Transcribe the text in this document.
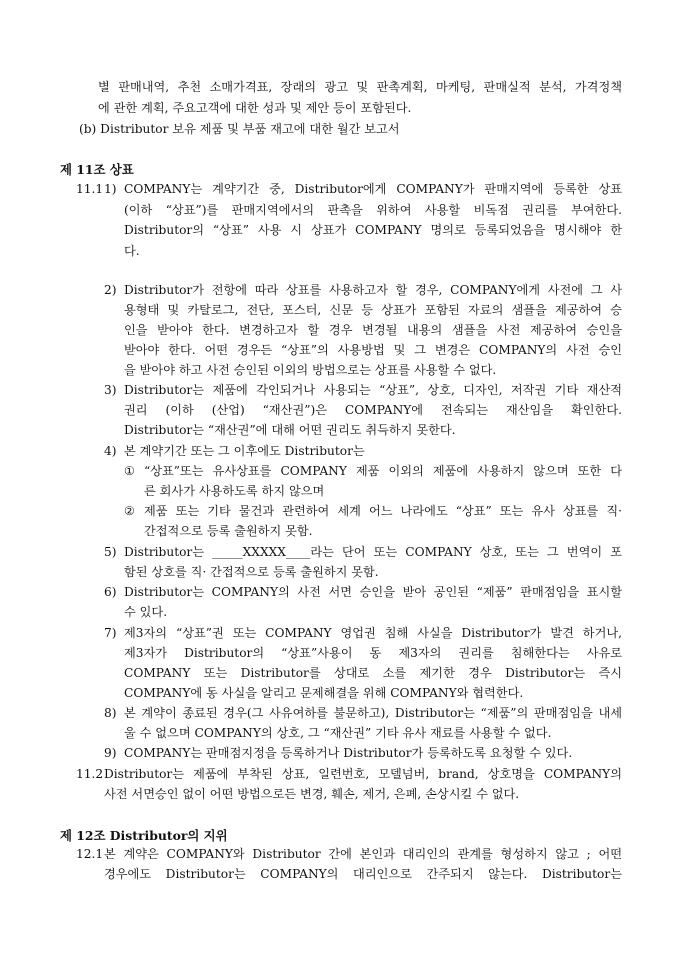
별 판매내역, 추천 소매가격표, 장래의 광고 및 판촉계획, 마케팅, 판매실적 분석, 가격정책
에 관한 계획, 주요고객에 대한 성과 및 제안 등이 포함된다.
(b) Distributor 보유 제품 및 부품 재고에 대한 월간 보고서
제 11조 상표
11.1 1) COMPANY는 계약기간 중, Distributor에게 COMPANY가 판매지역에 등록한 상표
(이하 “상표”)를 판매지역에서의 판촉을 위하여 사용할 비독점 권리를 부여한다.
Distributor의 “상표” 사용 시 상표가 COMPANY 명의로 등록되었음을 명시해야 한
다.
2) Distributor가 전항에 따라 상표를 사용하고자 할 경우, COMPANY에게 사전에 그 사
용형태 및 카탈로그, 전단, 포스터, 신문 등 상표가 포함된 자료의 샘플을 제공하여 승
인을 받아야 한다. 변경하고자 할 경우 변경될 내용의 샘플을 사전 제공하여 승인을
받아야 한다. 어떤 경우든 “상표”의 사용방법 및 그 변경은 COMPANY의 사전 승인
을 받아야 하고 사전 승인된 이외의 방법으로는 상표를 사용할 수 없다.
3) Distributor는 제품에 각인되거나 사용되는 “상표”, 상호, 디자인, 저작권 기타 재산적
권리 (이하 (산업) “재산권”)은 COMPANY에 전속되는 재산임을 확인한다.
Distributor는 “재산권”에 대해 어떤 권리도 취득하지 못한다.
4) 본 계약기간 또는 그 이후에도 Distributor는
① “상표”또는 유사상표를 COMPANY 제품 이외의 제품에 사용하지 않으며 또한 다
른 회사가 사용하도록 하지 않으며
② 제품 또는 기타 물건과 관련하여 세계 어느 나라에도 “상표” 또는 유사 상표를 직·
간접적으로 등록 출원하지 못함.
5) Distributor는 _____XXXXX____라는 단어 또는 COMPANY 상호, 또는 그 번역이 포
함된 상호를 직· 간접적으로 등록 출원하지 못함.
6) Distributor는 COMPANY의 사전 서면 승인을 받아 공인된 “제품” 판매점임을 표시할
수 있다.
7) 제3자의 “상표”권 또는 COMPANY 영업권 침해 사실을 Distributor가 발견 하거나,
제3자가 Distributor의 “상표”사용이 동 제3자의 권리를 침해한다는 사유로
COMPANY 또는 Distributor를 상대로 소를 제기한 경우 Distributor는 즉시
COMPANY에 동 사실을 알리고 문제해결을 위해 COMPANY와 협력한다.
8) 본 계약이 종료된 경우(그 사유여하를 불문하고), Distributor는 “제품”의 판매점임을 내세
울 수 없으며 COMPANY의 상호, 그 “재산권” 기타 유사 재료를 사용할 수 없다.
9) COMPANY는 판매점지정을 등록하거나 Distributor가 등록하도록 요청할 수 있다.
11.2 Distributor는 제품에 부착된 상표, 일련번호, 모델넘버, brand, 상호명을 COMPANY의
사전 서면승인 없이 어떤 방법으로든 변경, 훼손, 제거, 은폐, 손상시킬 수 없다.
제 12조 Distributor의 지위
12.1 본 계약은 COMPANY와 Distributor 간에 본인과 대리인의 관계를 형성하지 않고 ; 어떤
경우에도 Distributor는 COMPANY의 대리인으로 간주되지 않는다. Distributor는
